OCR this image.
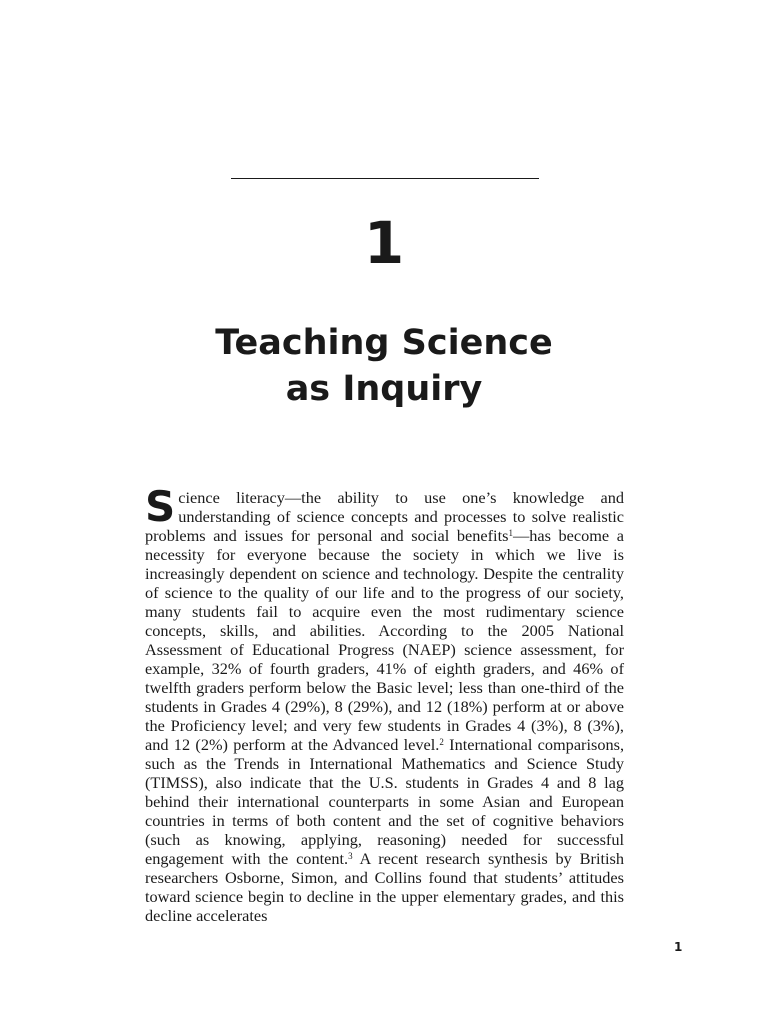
1
Teaching Science
as Inquiry

Science literacy—the ability to use one’s knowledge and understanding of science concepts and processes to solve realistic problems and issues for personal and social benefits$^1$—has become a necessity for everyone because the society in which we live is increasingly dependent on science and technology. Despite the centrality of science to the quality of our life and to the progress of our society, many students fail to acquire even the most rudimentary science concepts, skills, and abilities. According to the 2005 National Assessment of Educational Progress (NAEP) science assessment, for example, 32% of fourth graders, 41% of eighth graders, and 46% of twelfth graders perform below the Basic level; less than one-third of the students in Grades 4 (29%), 8 (29%), and 12 (18%) perform at or above the Proficiency level; and very few students in Grades 4 (3%), 8 (3%), and 12 (2%) perform at the Advanced level.$^2$ International comparisons, such as the Trends in International Mathematics and Science Study (TIMSS), also indicate that the U.S. students in Grades 4 and 8 lag behind their international counterparts in some Asian and European countries in terms of both content and the set of cognitive behaviors (such as knowing, applying, reasoning) needed for successful engagement with the content.$^3$ A recent research synthesis by British researchers Osborne, Simon, and Collins found that students’ attitudes toward science begin to decline in the upper elementary grades, and this decline accelerates

1
